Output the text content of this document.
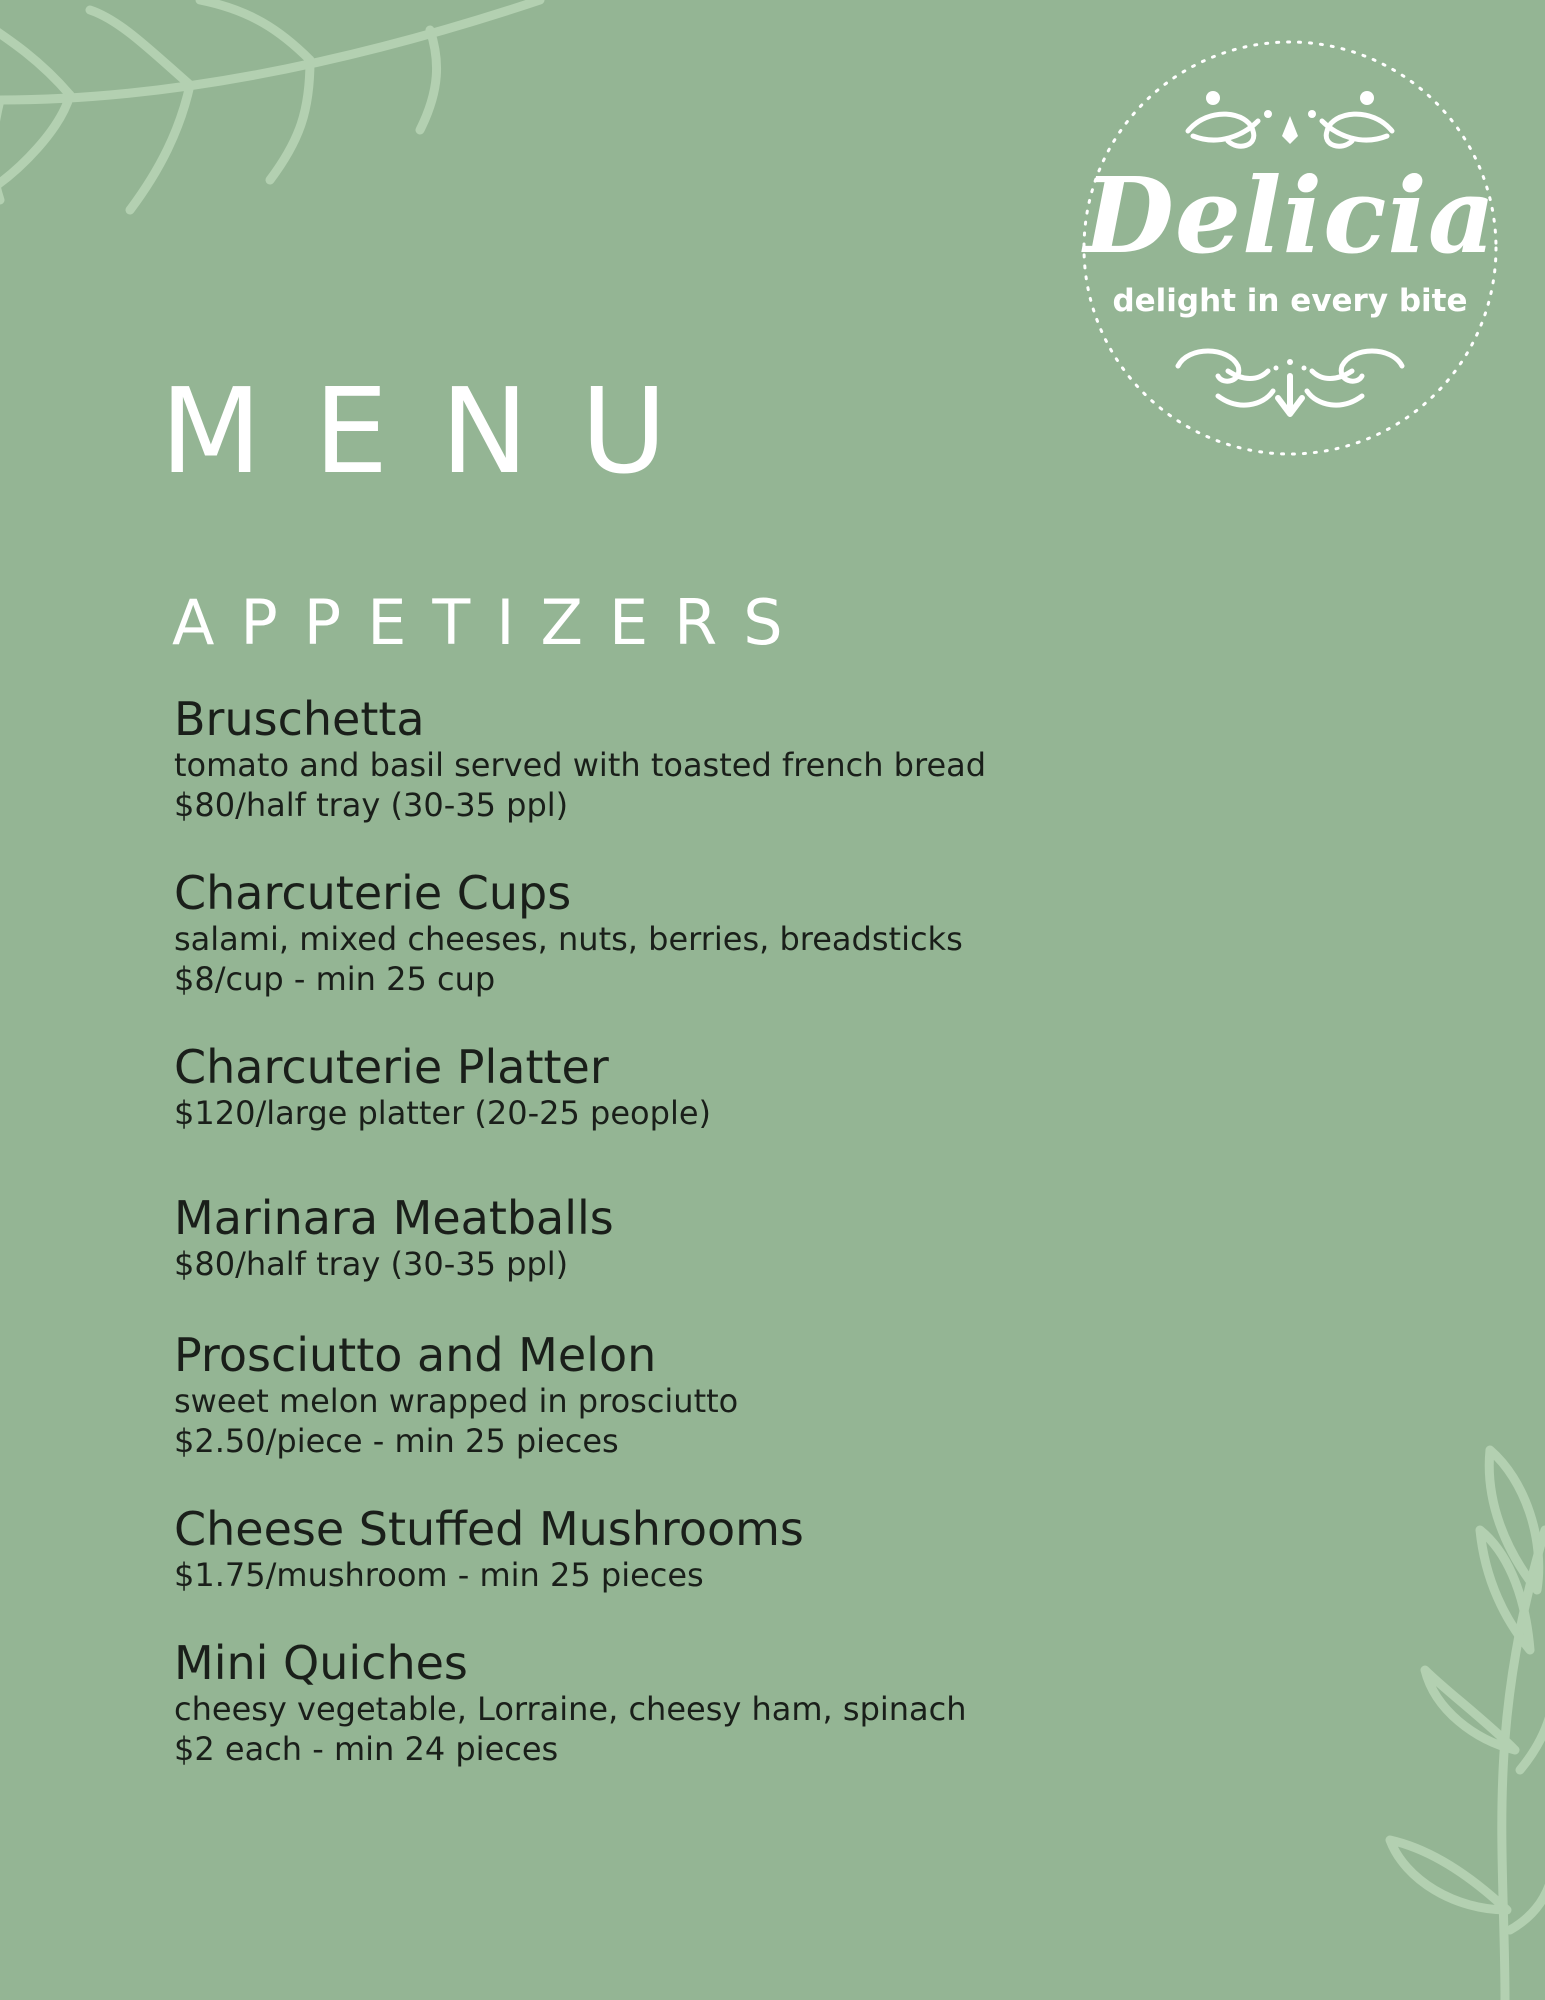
Delicia
delight in every bite
MENU
APPETIZERS
Bruschetta
tomato and basil served with toasted french bread
$80/half tray (30-35 ppl)
Charcuterie Cups
salami, mixed cheeses, nuts, berries, breadsticks
$8/cup - min 25 cup
Charcuterie Platter
$120/large platter (20-25 people)
Marinara Meatballs
$80/half tray (30-35 ppl)
Prosciutto and Melon
sweet melon wrapped in prosciutto
$2.50/piece - min 25 pieces
Cheese Stuffed Mushrooms
$1.75/mushroom - min 25 pieces
Mini Quiches
cheesy vegetable, Lorraine, cheesy ham, spinach
$2 each - min 24 pieces
